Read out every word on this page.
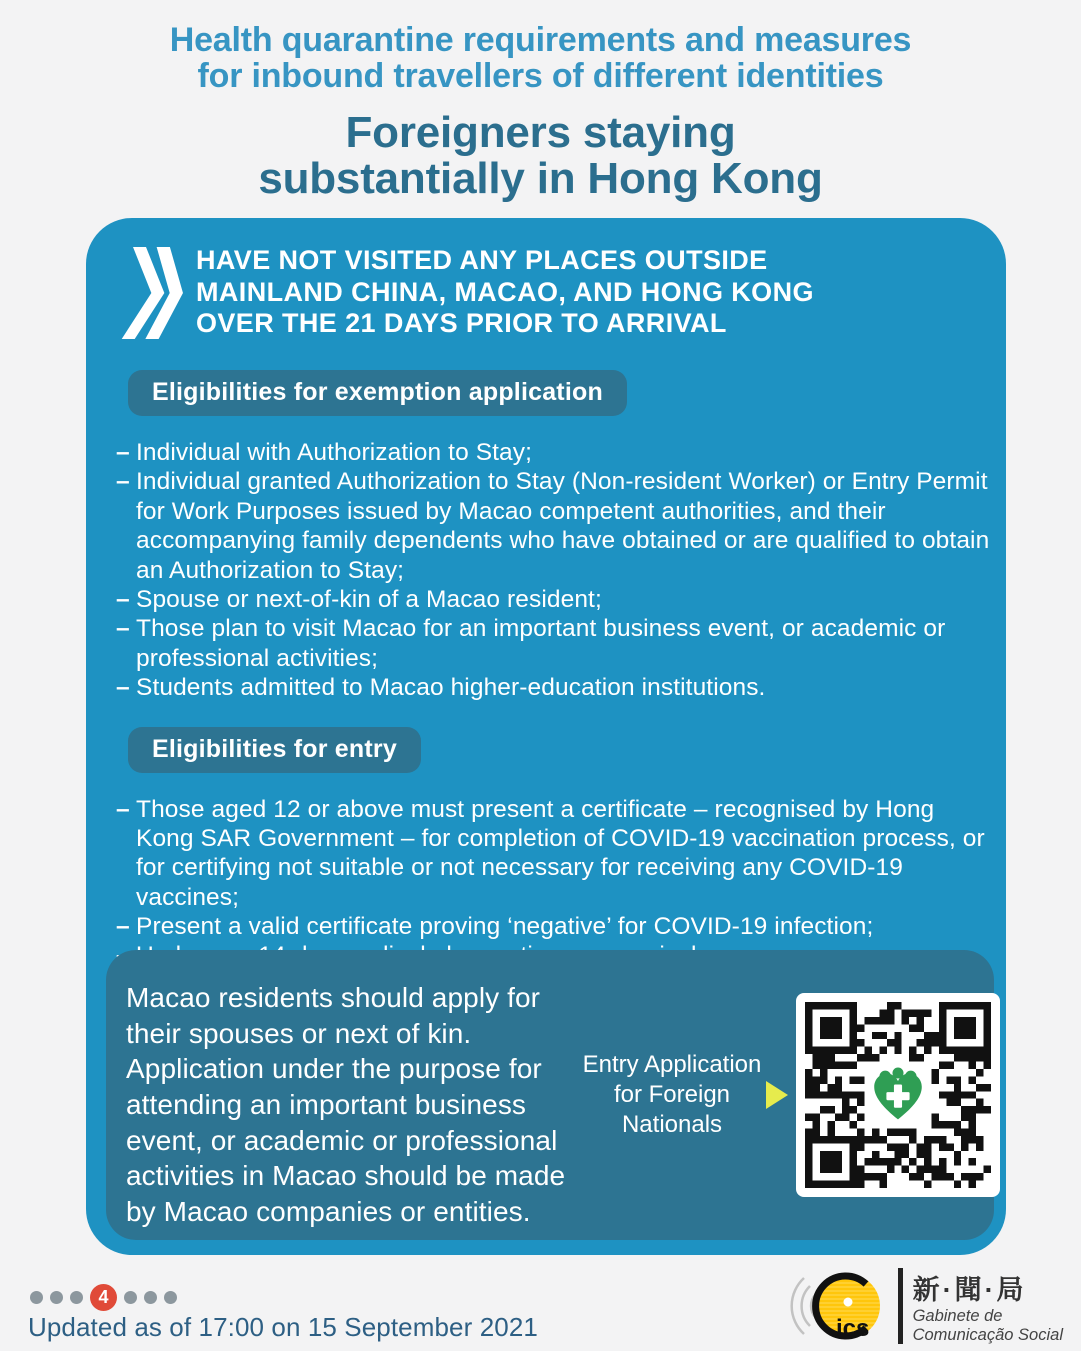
Health quarantine requirements and measures
for inbound travellers of different identities
Foreigners staying
substantially in Hong Kong
HAVE NOT VISITED ANY PLACES OUTSIDE
MAINLAND CHINA, MACAO, AND HONG KONG
OVER THE 21 DAYS PRIOR TO ARRIVAL
Eligibilities for exemption application
– Individual with Authorization to Stay;
– Individual granted Authorization to Stay (Non-resident Worker) or Entry Permit for Work Purposes issued by Macao competent authorities, and their accompanying family dependents who have obtained or are qualified to obtain an Authorization to Stay;
– Spouse or next-of-kin of a Macao resident;
– Those plan to visit Macao for an important business event, or academic or professional activities;
– Students admitted to Macao higher-education institutions.
Eligibilities for entry
– Those aged 12 or above must present a certificate – recognised by Hong Kong SAR Government – for completion of COVID-19 vaccination process, or for certifying not suitable or not necessary for receiving any COVID-19 vaccines;
– Present a valid certificate proving ‘negative’ for COVID-19 infection;
–
Macao residents should apply for their spouses or next of kin. Application under the purpose for attending an important business event, or academic or professional activities in Macao should be made by Macao companies or entities.
Entry Application for Foreign Nationals
4
Updated as of 17:00 on 15 September 2021	ics
新·聞·局
Gabinete de
Comunicação Social
